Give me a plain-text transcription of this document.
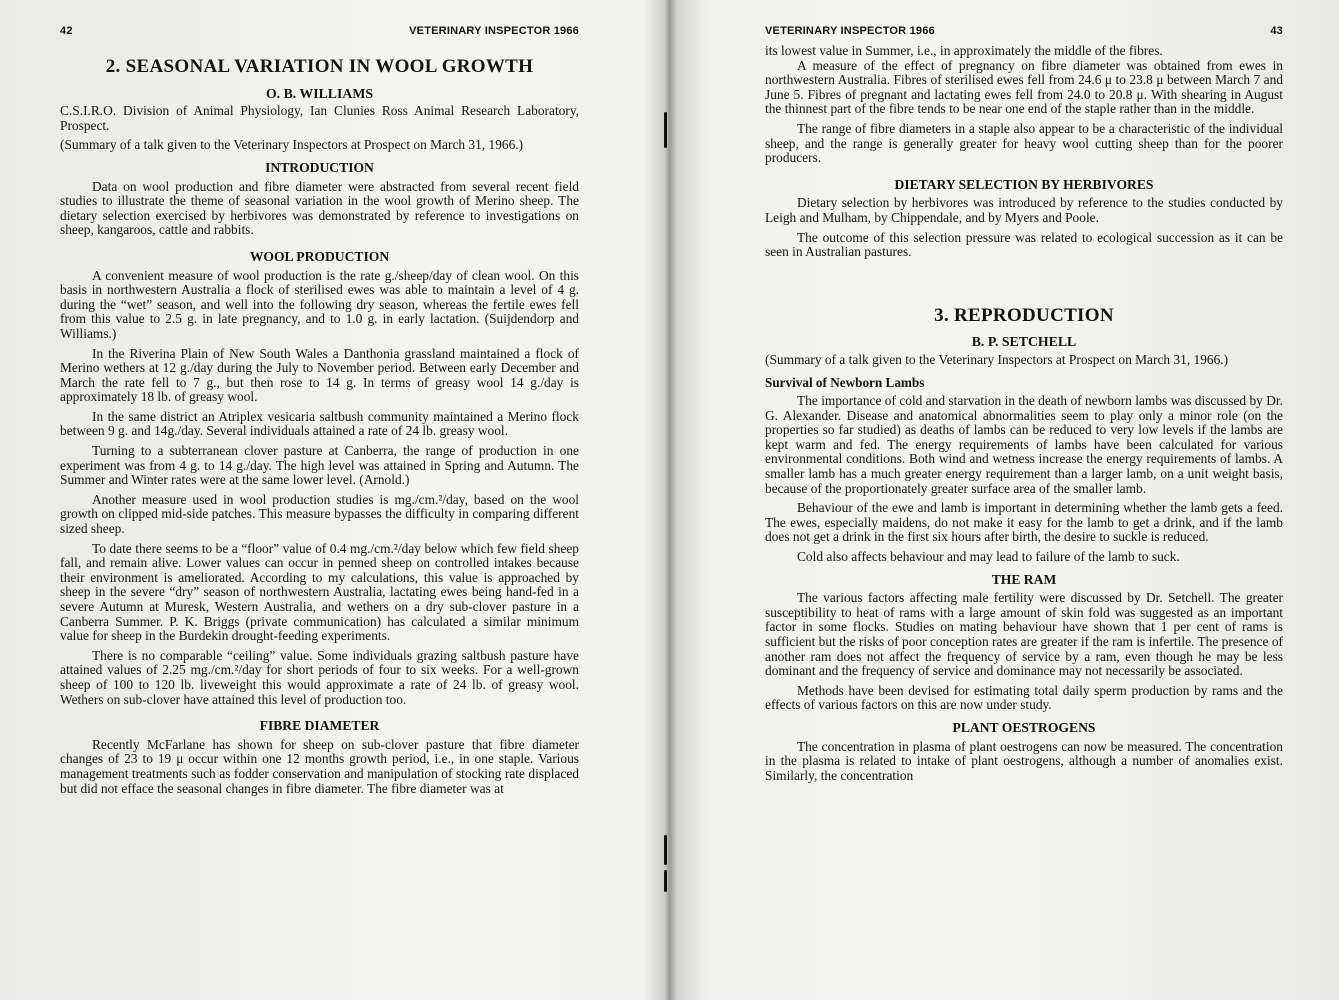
42	VETERINARY INSPECTOR 1966
2. SEASONAL VARIATION IN WOOL GROWTH
O. B. WILLIAMS

C.S.I.R.O. Division of Animal Physiology, Ian Clunies Ross Animal Research Laboratory, Prospect.

(Summary of a talk given to the Veterinary Inspectors at Prospect on March 31, 1966.)

INTRODUCTION

Data on wool production and fibre diameter were abstracted from several recent field studies to illustrate the theme of seasonal variation in the wool growth of Merino sheep. The dietary selection exercised by herbivores was demonstrated by reference to investigations on sheep, kangaroos, cattle and rabbits.

WOOL PRODUCTION

A convenient measure of wool production is the rate g./sheep/day of clean wool. On this basis in northwestern Australia a flock of sterilised ewes was able to maintain a level of 4 g. during the “wet” season, and well into the following dry season, whereas the fertile ewes fell from this value to 2.5 g. in late pregnancy, and to 1.0 g. in early lactation. (Suijdendorp and Williams.)

In the Riverina Plain of New South Wales a Danthonia grassland maintained a flock of Merino wethers at 12 g./day during the July to November period. Between early December and March the rate fell to 7 g., but then rose to 14 g. In terms of greasy wool 14 g./day is approximately 18 lb. of greasy wool.

In the same district an Atriplex vesicaria saltbush community maintained a Merino flock between 9 g. and 14g./day. Several individuals attained a rate of 24 lb. greasy wool.

Turning to a subterranean clover pasture at Canberra, the range of production in one experiment was from 4 g. to 14 g./day. The high level was attained in Spring and Autumn. The Summer and Winter rates were at the same lower level. (Arnold.)

Another measure used in wool production studies is mg./cm.²/day, based on the wool growth on clipped mid-side patches. This measure bypasses the difficulty in comparing different sized sheep.

To date there seems to be a “floor” value of 0.4 mg./cm.²/day below which few field sheep fall, and remain alive. Lower values can occur in penned sheep on controlled intakes because their environment is ameliorated. According to my calculations, this value is approached by sheep in the severe “dry” season of northwestern Australia, lactating ewes being hand-fed in a severe Autumn at Muresk, Western Australia, and wethers on a dry sub-clover pasture in a Canberra Summer. P. K. Briggs (private communication) has calculated a similar minimum value for sheep in the Burdekin drought-feeding experiments.

There is no comparable “ceiling” value. Some individuals grazing saltbush pasture have attained values of 2.25 mg./cm.²/day for short periods of four to six weeks. For a well-grown sheep of 100 to 120 lb. liveweight this would approximate a rate of 24 lb. of greasy wool. Wethers on sub-clover have attained this level of production too.

FIBRE DIAMETER

Recently McFarlane has shown for sheep on sub-clover pasture that fibre diameter changes of 23 to 19 μ occur within one 12 months growth period, i.e., in one staple. Various management treatments such as fodder conservation and manipulation of stocking rate displaced but did not efface the seasonal changes in fibre diameter. The fibre diameter was at

VETERINARY INSPECTOR 1966	43

its lowest value in Summer, i.e., in approximately the middle of the fibres.

A measure of the effect of pregnancy on fibre diameter was obtained from ewes in northwestern Australia. Fibres of sterilised ewes fell from 24.6 μ to 23.8 μ between March 7 and June 5. Fibres of pregnant and lactating ewes fell from 24.0 to 20.8 μ. With shearing in August the thinnest part of the fibre tends to be near one end of the staple rather than in the middle.

The range of fibre diameters in a staple also appear to be a characteristic of the individual sheep, and the range is generally greater for heavy wool cutting sheep than for the poorer producers.

DIETARY SELECTION BY HERBIVORES

Dietary selection by herbivores was introduced by reference to the studies conducted by Leigh and Mulham, by Chippendale, and by Myers and Poole.

The outcome of this selection pressure was related to ecological succession as it can be seen in Australian pastures.

3. REPRODUCTION
B. P. SETCHELL

(Summary of a talk given to the Veterinary Inspectors at Prospect on March 31, 1966.)

Survival of Newborn Lambs

The importance of cold and starvation in the death of newborn lambs was discussed by Dr. G. Alexander. Disease and anatomical abnormalities seem to play only a minor role (on the properties so far studied) as deaths of lambs can be reduced to very low levels if the lambs are kept warm and fed. The energy requirements of lambs have been calculated for various environmental conditions. Both wind and wetness increase the energy requirements of lambs. A smaller lamb has a much greater energy requirement than a larger lamb, on a unit weight basis, because of the proportionately greater surface area of the smaller lamb.

Behaviour of the ewe and lamb is important in determining whether the lamb gets a feed. The ewes, especially maidens, do not make it easy for the lamb to get a drink, and if the lamb does not get a drink in the first six hours after birth, the desire to suckle is reduced.

Cold also affects behaviour and may lead to failure of the lamb to suck.

THE RAM

The various factors affecting male fertility were discussed by Dr. Setchell. The greater susceptibility to heat of rams with a large amount of skin fold was suggested as an important factor in some flocks. Studies on mating behaviour have shown that 1 per cent of rams is sufficient but the risks of poor conception rates are greater if the ram is infertile. The presence of another ram does not affect the frequency of service by a ram, even though he may be less dominant and the frequency of service and dominance may not necessarily be associated.

Methods have been devised for estimating total daily sperm production by rams and the effects of various factors on this are now under study.

PLANT OESTROGENS

The concentration in plasma of plant oestrogens can now be measured. The concentration in the plasma is related to intake of plant oestrogens, although a number of anomalies exist. Similarly, the concentration
